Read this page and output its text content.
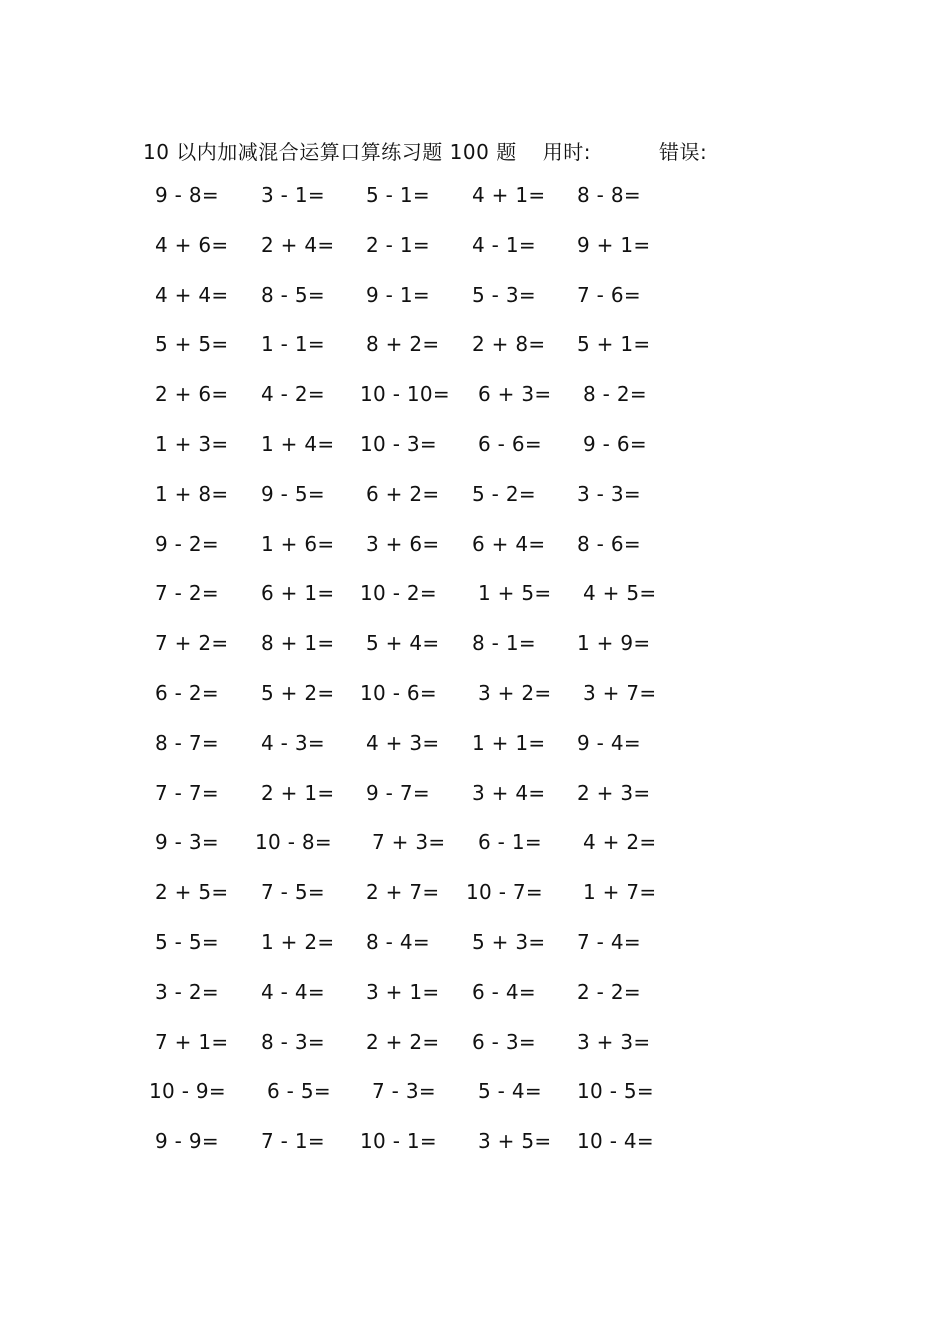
10 以内加减混合运算口算练习题 100 题 用时:	错误:
9 - 8= 3 - 1= 5 - 1= 4 + 1= 8 - 8=
4 + 6= 2 + 4= 2 - 1= 4 - 1= 9 + 1=
4 + 4= 8 - 5= 9 - 1= 5 - 3= 7 - 6=
5 + 5= 1 - 1= 8 + 2= 2 + 8= 5 + 1=
2 + 6= 4 - 2= 10 - 10= 6 + 3= 8 - 2=
1 + 3= 1 + 4= 10 - 3= 6 - 6= 9 - 6=
1 + 8= 9 - 5= 6 + 2= 5 - 2= 3 - 3=
9 - 2= 1 + 6= 3 + 6= 6 + 4= 8 - 6=
7 - 2= 6 + 1= 10 - 2= 1 + 5= 4 + 5=
7 + 2= 8 + 1= 5 + 4= 8 - 1= 1 + 9=
6 - 2= 5 + 2= 10 - 6= 3 + 2= 3 + 7=
8 - 7= 4 - 3= 4 + 3= 1 + 1= 9 - 4=
7 - 7= 2 + 1= 9 - 7= 3 + 4= 2 + 3=
9 - 3= 10 - 8= 7 + 3= 6 - 1= 4 + 2=
2 + 5= 7 - 5= 2 + 7= 10 - 7= 1 + 7=
5 - 5= 1 + 2= 8 - 4= 5 + 3= 7 - 4=
3 - 2= 4 - 4= 3 + 1= 6 - 4= 2 - 2=
7 + 1= 8 - 3= 2 + 2= 6 - 3= 3 + 3=
10 - 9= 6 - 5= 7 - 3= 5 - 4= 10 - 5=
9 - 9= 7 - 1= 10 - 1= 3 + 5= 10 - 4=
